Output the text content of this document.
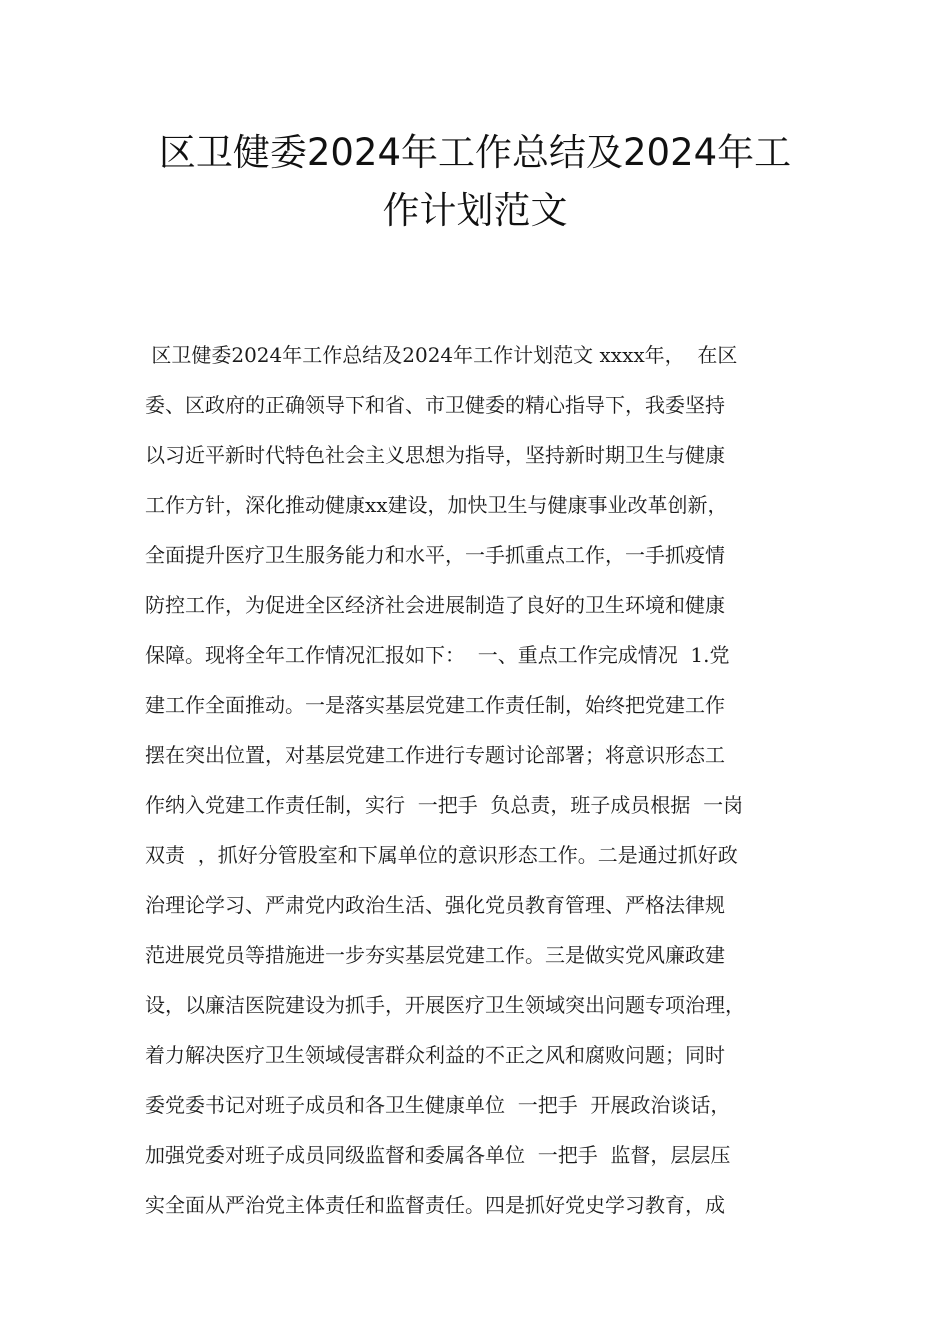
区卫健委2024年工作总结及2024年工
作计划范文
区卫健委2024年工作总结及2024年工作计划范文 xxxx年，  在区
委、区政府的正确领导下和省、市卫健委的精心指导下，我委坚持
以习近平新时代特色社会主义思想为指导，坚持新时期卫生与健康
工作方针，深化推动健康xx建设，加快卫生与健康事业改革创新，
全面提升医疗卫生服务能力和水平，一手抓重点工作，一手抓疫情
防控工作，为促进全区经济社会进展制造了良好的卫生环境和健康
保障。现将全年工作情况汇报如下：  一、重点工作完成情况  1.党
建工作全面推动。一是落实基层党建工作责任制，始终把党建工作
摆在突出位置，对基层党建工作进行专题讨论部署；将意识形态工
作纳入党建工作责任制，实行  一把手  负总责，班子成员根据  一岗
双责  ，抓好分管股室和下属单位的意识形态工作。二是通过抓好政
治理论学习、严肃党内政治生活、强化党员教育管理、严格法律规
范进展党员等措施进一步夯实基层党建工作。三是做实党风廉政建
设，以廉洁医院建设为抓手，开展医疗卫生领域突出问题专项治理，
着力解决医疗卫生领域侵害群众利益的不正之风和腐败问题；同时
委党委书记对班子成员和各卫生健康单位  一把手  开展政治谈话，
加强党委对班子成员同级监督和委属各单位  一把手  监督，层层压
实全面从严治党主体责任和监督责任。四是抓好党史学习教育，成
